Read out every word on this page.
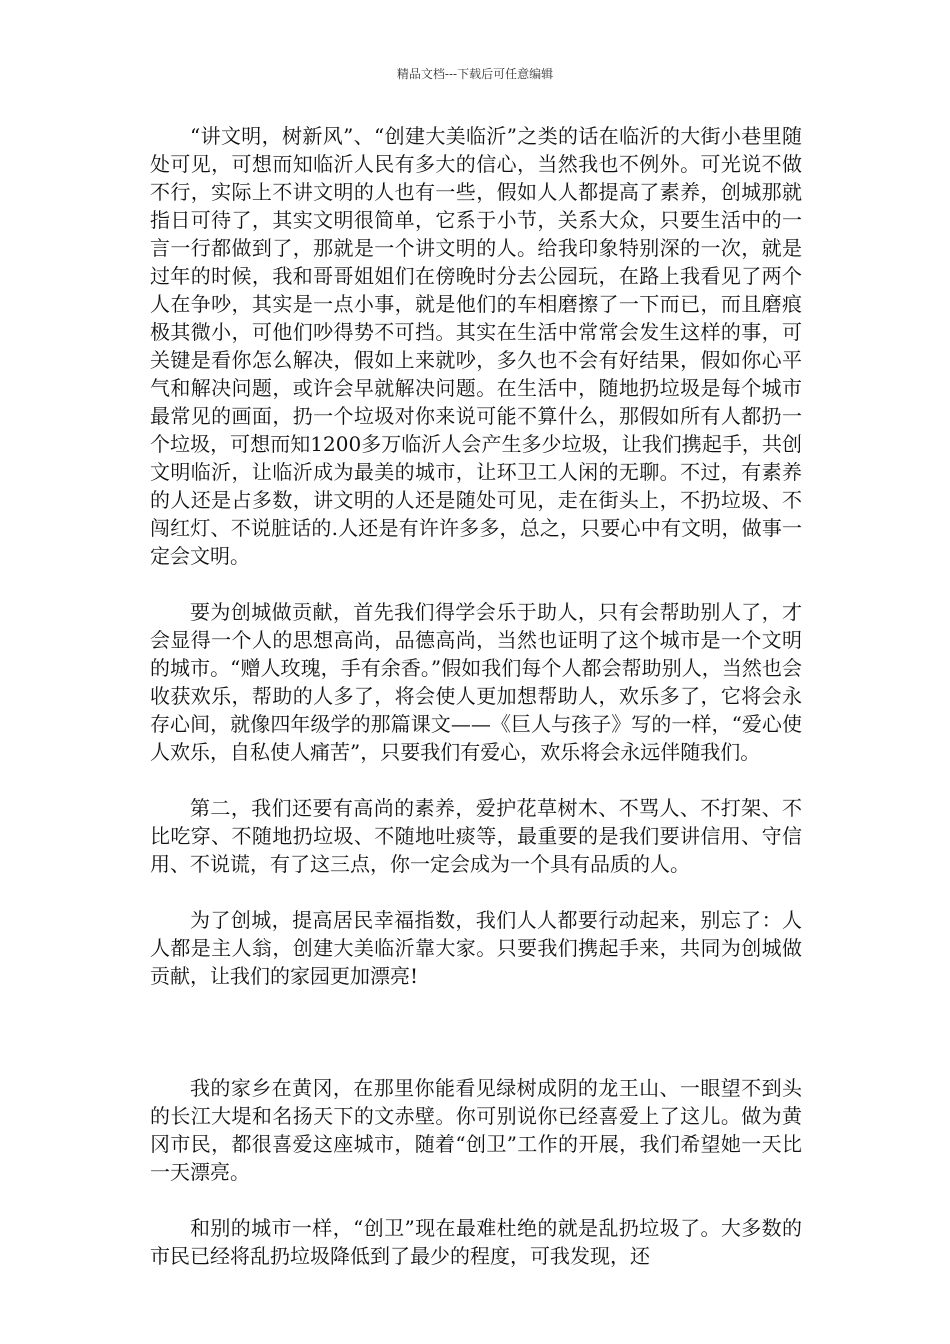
精品文档---下载后可任意编辑

“讲文明，树新风”、“创建大美临沂”之类的话在临沂的大街小巷里随处可见，可想而知临沂人民有多大的信心，当然我也不例外。可光说不做不行，实际上不讲文明的人也有一些，假如人人都提高了素养，创城那就指日可待了，其实文明很简单，它系于小节，关系大众，只要生活中的一言一行都做到了，那就是一个讲文明的人。给我印象特别深的一次，就是过年的时候，我和哥哥姐姐们在傍晚时分去公园玩，在路上我看见了两个人在争吵，其实是一点小事，就是他们的车相磨擦了一下而已，而且磨痕极其微小，可他们吵得势不可挡。其实在生活中常常会发生这样的事，可关键是看你怎么解决，假如上来就吵，多久也不会有好结果，假如你心平气和解决问题，或许会早就解决问题。在生活中，随地扔垃圾是每个城市最常见的画面，扔一个垃圾对你来说可能不算什么，那假如所有人都扔一个垃圾，可想而知1200多万临沂人会产生多少垃圾，让我们携起手，共创文明临沂，让临沂成为最美的城市，让环卫工人闲的无聊。不过，有素养的人还是占多数，讲文明的人还是随处可见，走在街头上，不扔垃圾、不闯红灯、不说脏话的.人还是有许许多多，总之，只要心中有文明，做事一定会文明。

要为创城做贡献，首先我们得学会乐于助人，只有会帮助别人了，才会显得一个人的思想高尚，品德高尚，当然也证明了这个城市是一个文明的城市。“赠人玫瑰，手有余香。”假如我们每个人都会帮助别人，当然也会收获欢乐，帮助的人多了，将会使人更加想帮助人，欢乐多了，它将会永存心间，就像四年级学的那篇课文——《巨人与孩子》写的一样，“爱心使人欢乐，自私使人痛苦”，只要我们有爱心，欢乐将会永远伴随我们。

第二，我们还要有高尚的素养，爱护花草树木、不骂人、不打架、不比吃穿、不随地扔垃圾、不随地吐痰等，最重要的是我们要讲信用、守信用、不说谎，有了这三点，你一定会成为一个具有品质的人。

为了创城，提高居民幸福指数，我们人人都要行动起来，别忘了：人人都是主人翁，创建大美临沂靠大家。只要我们携起手来，共同为创城做贡献，让我们的家园更加漂亮!

我的家乡在黄冈，在那里你能看见绿树成阴的龙王山、一眼望不到头的长江大堤和名扬天下的文赤壁。你可别说你已经喜爱上了这儿。做为黄冈市民，都很喜爱这座城市，随着“创卫”工作的开展，我们希望她一天比一天漂亮。

和别的城市一样，“创卫”现在最难杜绝的就是乱扔垃圾了。大多数的市民已经将乱扔垃圾降低到了最少的程度，可我发现，还
